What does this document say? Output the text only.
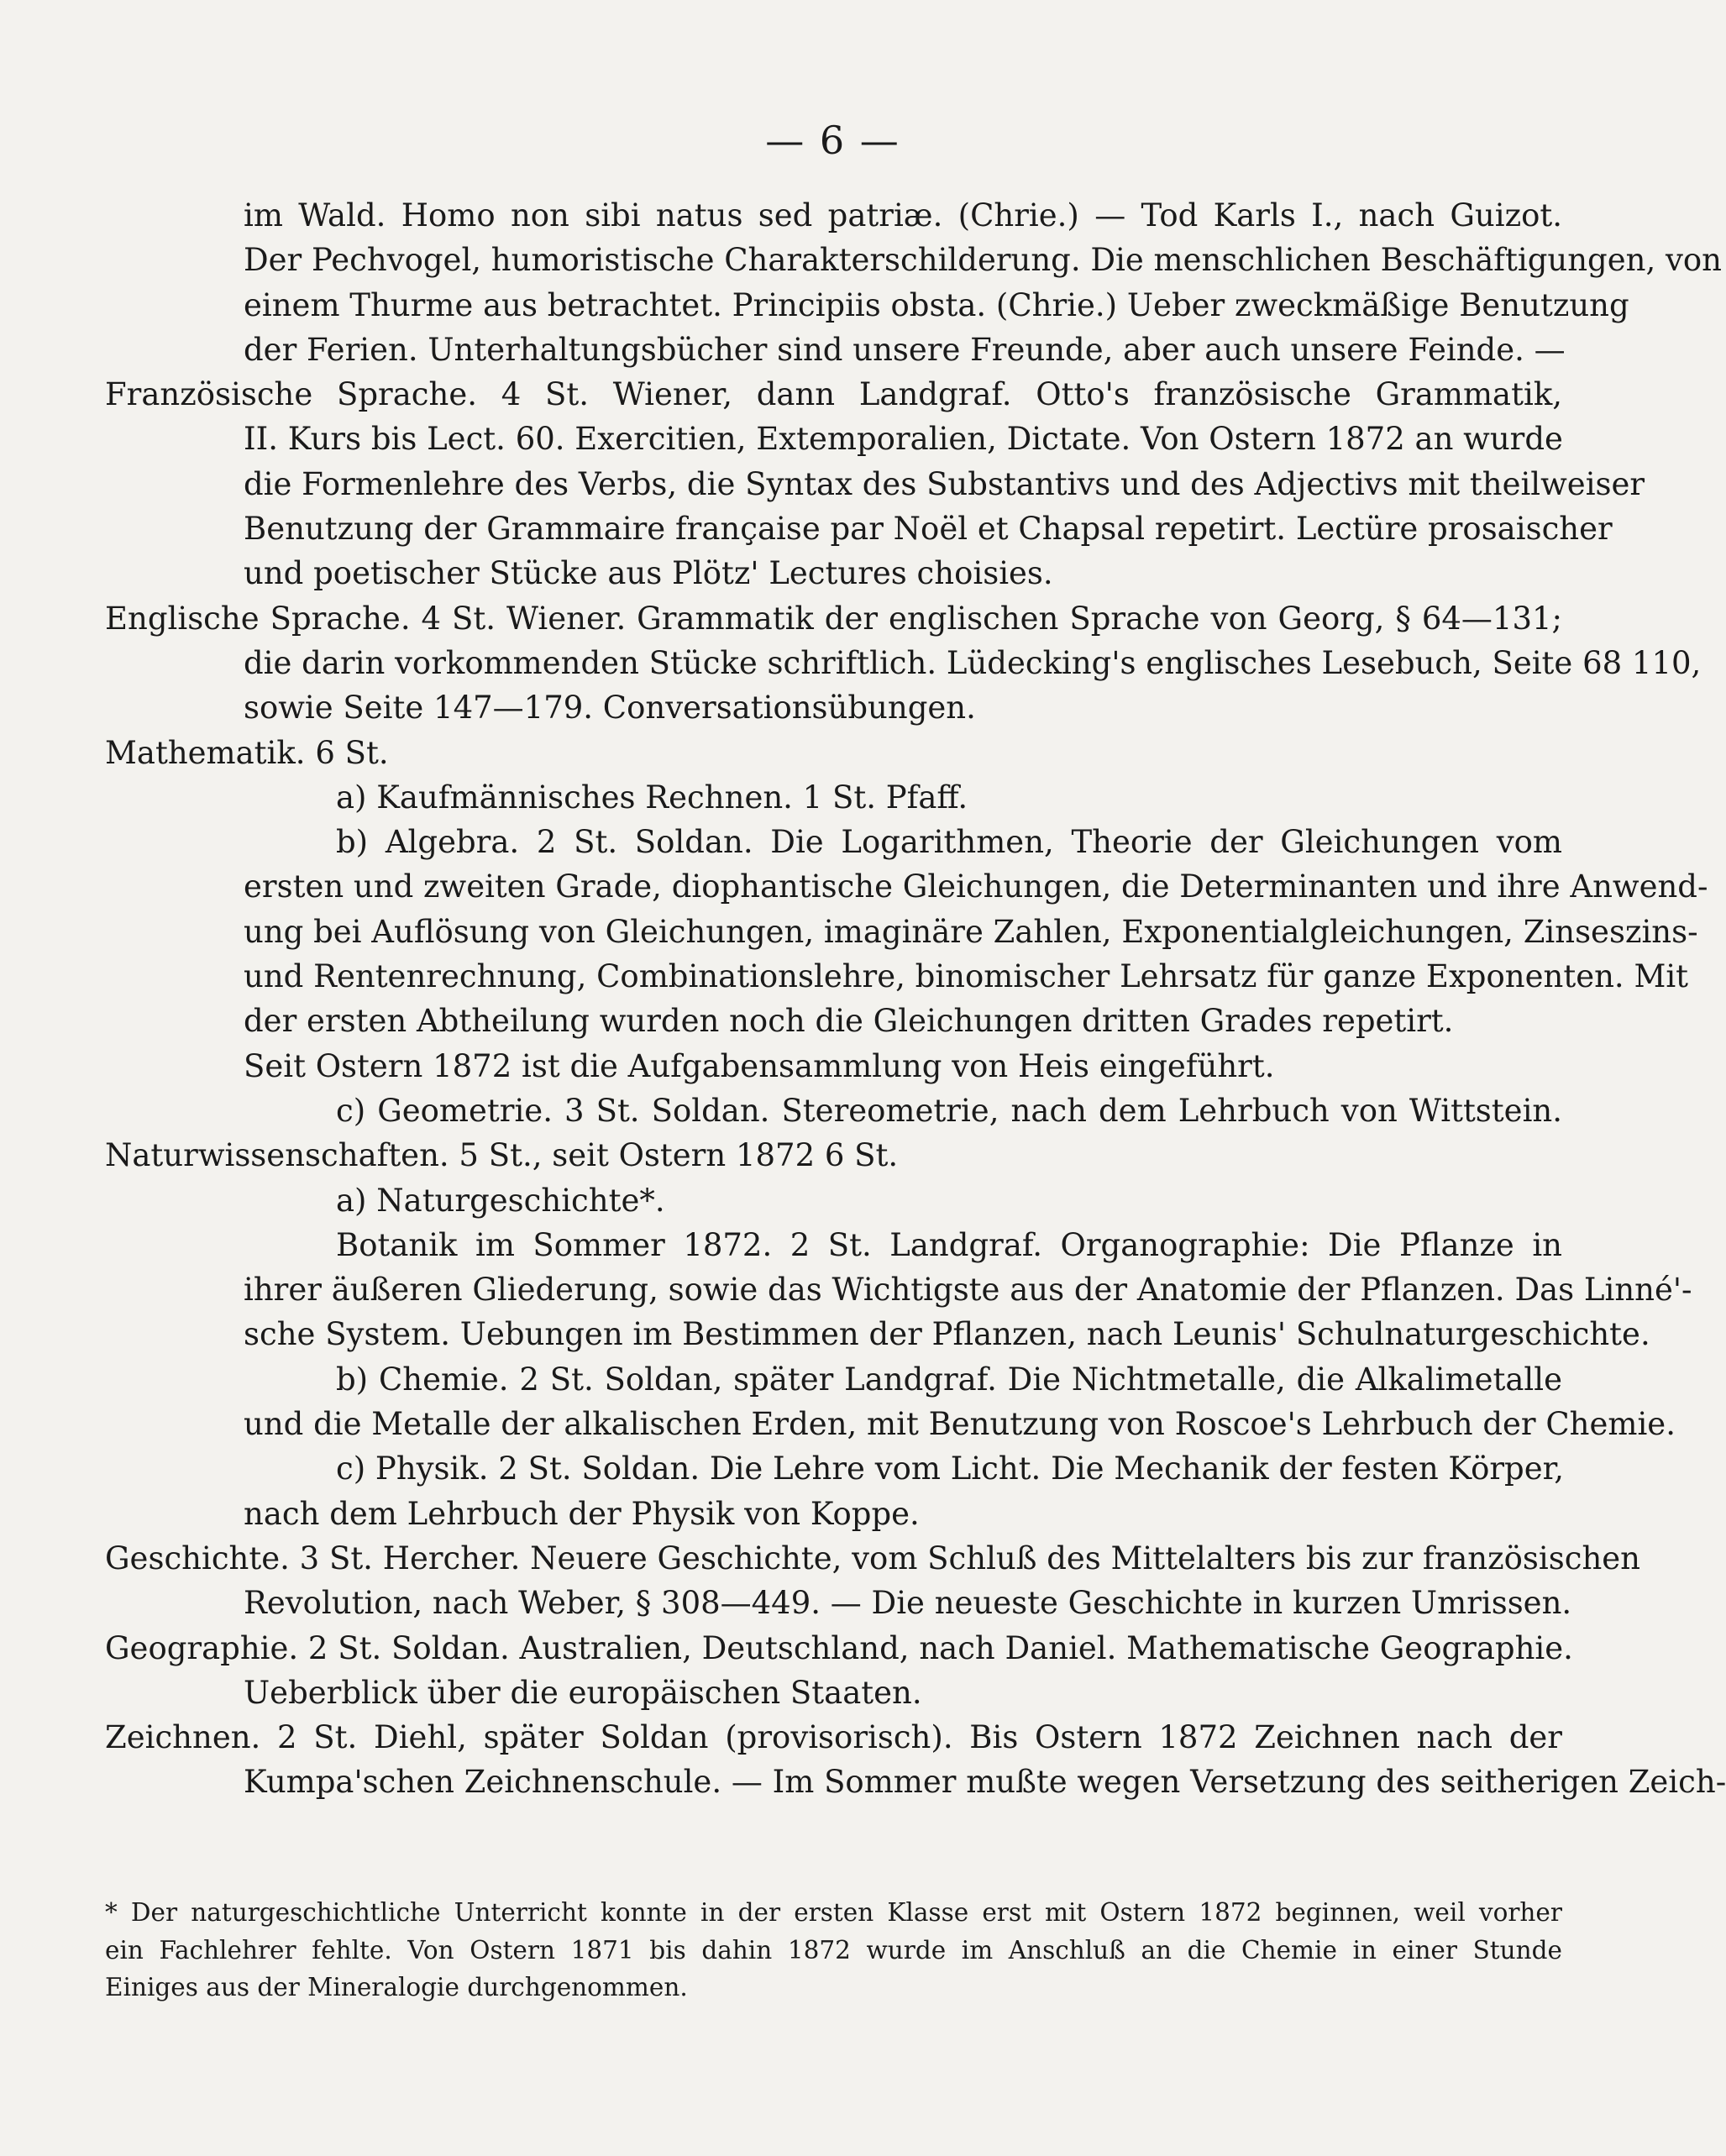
— 6 —
im Wald. Homo non sibi natus sed patriæ. (Chrie.) — Tod Karls I., nach Guizot.
Der Pechvogel, humoristische Charakterschilderung. Die menschlichen Beschäftigungen, von
einem Thurme aus betrachtet. Principiis obsta. (Chrie.) Ueber zweckmäßige Benutzung
der Ferien. Unterhaltungsbücher sind unsere Freunde, aber auch unsere Feinde. —
Französische Sprache. 4 St. Wiener, dann Landgraf. Otto's französische Grammatik,
II. Kurs bis Lect. 60. Exercitien, Extemporalien, Dictate. Von Ostern 1872 an wurde
die Formenlehre des Verbs, die Syntax des Substantivs und des Adjectivs mit theilweiser
Benutzung der Grammaire française par Noël et Chapsal repetirt. Lectüre prosaischer
und poetischer Stücke aus Plötz' Lectures choisies.
Englische Sprache. 4 St. Wiener. Grammatik der englischen Sprache von Georg, § 64—131;
die darin vorkommenden Stücke schriftlich. Lüdecking's englisches Lesebuch, Seite 68 110,
sowie Seite 147—179. Conversationsübungen.
Mathematik. 6 St.
a) Kaufmännisches Rechnen. 1 St. Pfaff.
b) Algebra. 2 St. Soldan. Die Logarithmen, Theorie der Gleichungen vom
ersten und zweiten Grade, diophantische Gleichungen, die Determinanten und ihre Anwend-
ung bei Auflösung von Gleichungen, imaginäre Zahlen, Exponentialgleichungen, Zinseszins-
und Rentenrechnung, Combinationslehre, binomischer Lehrsatz für ganze Exponenten. Mit
der ersten Abtheilung wurden noch die Gleichungen dritten Grades repetirt.
Seit Ostern 1872 ist die Aufgabensammlung von Heis eingeführt.
c) Geometrie. 3 St. Soldan. Stereometrie, nach dem Lehrbuch von Wittstein.
Naturwissenschaften. 5 St., seit Ostern 1872 6 St.
a) Naturgeschichte*.
Botanik im Sommer 1872. 2 St. Landgraf. Organographie: Die Pflanze in
ihrer äußeren Gliederung, sowie das Wichtigste aus der Anatomie der Pflanzen. Das Linné'-
sche System. Uebungen im Bestimmen der Pflanzen, nach Leunis' Schulnaturgeschichte.
b) Chemie. 2 St. Soldan, später Landgraf. Die Nichtmetalle, die Alkalimetalle
und die Metalle der alkalischen Erden, mit Benutzung von Roscoe's Lehrbuch der Chemie.
c) Physik. 2 St. Soldan. Die Lehre vom Licht. Die Mechanik der festen Körper,
nach dem Lehrbuch der Physik von Koppe.
Geschichte. 3 St. Hercher. Neuere Geschichte, vom Schluß des Mittelalters bis zur französischen
Revolution, nach Weber, § 308—449. — Die neueste Geschichte in kurzen Umrissen.
Geographie. 2 St. Soldan. Australien, Deutschland, nach Daniel. Mathematische Geographie.
Ueberblick über die europäischen Staaten.
Zeichnen. 2 St. Diehl, später Soldan (provisorisch). Bis Ostern 1872 Zeichnen nach der
Kumpa'schen Zeichnenschule. — Im Sommer mußte wegen Versetzung des seitherigen Zeich-
* Der naturgeschichtliche Unterricht konnte in der ersten Klasse erst mit Ostern 1872 beginnen, weil vorher
ein Fachlehrer fehlte. Von Ostern 1871 bis dahin 1872 wurde im Anschluß an die Chemie in einer Stunde
Einiges aus der Mineralogie durchgenommen.
